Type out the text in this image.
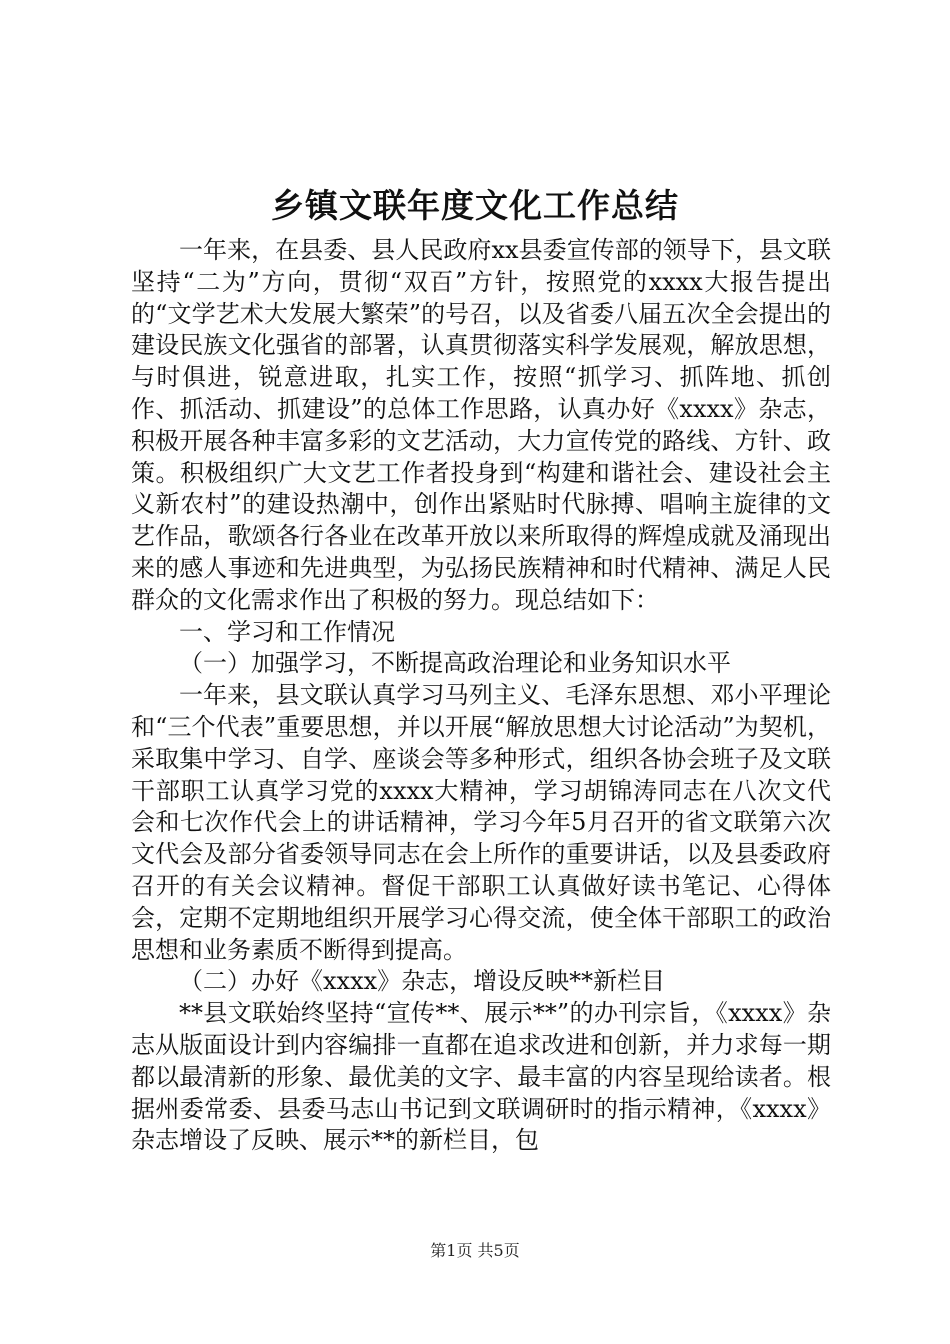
乡镇文联年度文化工作总结

一年来，在县委、县人民政府xx县委宣传部的领导下，县文联坚持“二为”方向，贯彻“双百”方针，按照党的xxxx大报告提出的“文学艺术大发展大繁荣”的号召，以及省委八届五次全会提出的建设民族文化强省的部署，认真贯彻落实科学发展观，解放思想，与时俱进，锐意进取，扎实工作，按照“抓学习、抓阵地、抓创作、抓活动、抓建设”的总体工作思路，认真办好《xxxx》杂志，积极开展各种丰富多彩的文艺活动，大力宣传党的路线、方针、政策。积极组织广大文艺工作者投身到“构建和谐社会、建设社会主义新农村”的建设热潮中，创作出紧贴时代脉搏、唱响主旋律的文艺作品，歌颂各行各业在改革开放以来所取得的辉煌成就及涌现出来的感人事迹和先进典型，为弘扬民族精神和时代精神、满足人民群众的文化需求作出了积极的努力。现总结如下：

一、学习和工作情况

（一）加强学习，不断提高政治理论和业务知识水平

一年来，县文联认真学习马列主义、毛泽东思想、邓小平理论和“三个代表”重要思想，并以开展“解放思想大讨论活动”为契机，采取集中学习、自学、座谈会等多种形式，组织各协会班子及文联干部职工认真学习党的xxxx大精神，学习胡锦涛同志在八次文代会和七次作代会上的讲话精神，学习今年5月召开的省文联第六次文代会及部分省委领导同志在会上所作的重要讲话，以及县委政府召开的有关会议精神。督促干部职工认真做好读书笔记、心得体会，定期不定期地组织开展学习心得交流，使全体干部职工的政治思想和业务素质不断得到提高。

（二）办好《xxxx》杂志，增设反映**新栏目

**县文联始终坚持“宣传**、展示**”的办刊宗旨，《xxxx》杂志从版面设计到内容编排一直都在追求改进和创新，并力求每一期都以最清新的形象、最优美的文字、最丰富的内容呈现给读者。根据州委常委、县委马志山书记到文联调研时的指示精神，《xxxx》杂志增设了反映、展示**的新栏目，包

第1页 共5页
